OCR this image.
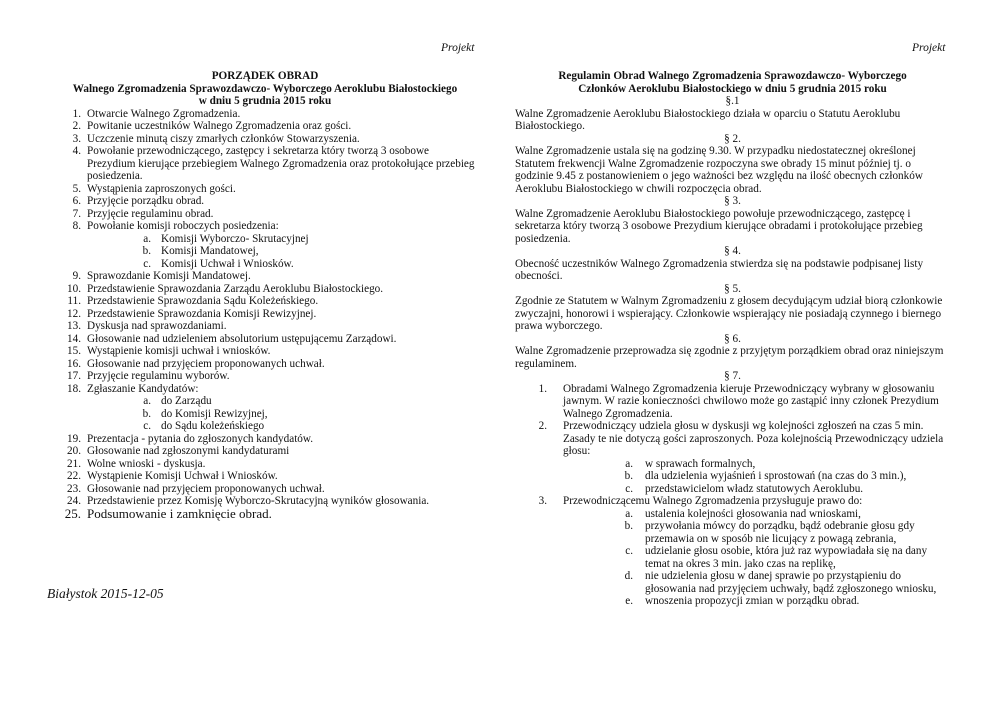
Projekt	Projekt
PORZĄDEK OBRAD
Walnego Zgromadzenia Sprawozdawczo- Wyborczego Aeroklubu Białostockiego
w dniu 5 grudnia 2015 roku
1. Otwarcie Walnego Zgromadzenia.
2. Powitanie uczestników Walnego Zgromadzenia oraz gości.
3. Uczczenie minutą ciszy zmarłych członków Stowarzyszenia.
4. Powołanie przewodniczącego, zastępcy i sekretarza który tworzą 3 osobowe Prezydium kierujące przebiegiem Walnego Zgromadzenia oraz protokołujące przebieg posiedzenia.
5. Wystąpienia zaproszonych gości.
6. Przyjęcie porządku obrad.
7. Przyjęcie regulaminu obrad.
8. Powołanie komisji roboczych posiedzenia:
a. Komisji Wyborczo- Skrutacyjnej
b. Komisji Mandatowej,
c. Komisji Uchwał i Wniosków.
9. Sprawozdanie Komisji Mandatowej.
10. Przedstawienie Sprawozdania Zarządu Aeroklubu Białostockiego.
11. Przedstawienie Sprawozdania Sądu Koleżeńskiego.
12. Przedstawienie Sprawozdania Komisji Rewizyjnej.
13. Dyskusja nad sprawozdaniami.
14. Głosowanie nad udzieleniem absolutorium ustępującemu Zarządowi.
15. Wystąpienie komisji uchwał i wniosków.
16. Głosowanie nad przyjęciem proponowanych uchwał.
17. Przyjęcie regulaminu wyborów.
18. Zgłaszanie Kandydatów:
a. do Zarządu
b. do Komisji Rewizyjnej,
c. do Sądu koleżeńskiego
19. Prezentacja - pytania do zgłoszonych kandydatów.
20. Głosowanie nad zgłoszonymi kandydaturami
21. Wolne wnioski - dyskusja.
22. Wystąpienie Komisji Uchwał i Wniosków.
23. Głosowanie nad przyjęciem proponowanych uchwał.
24. Przedstawienie przez Komisję Wyborczo-Skrutacyjną wyników głosowania.
25. Podsumowanie i zamknięcie obrad.
Białystok 2015-12-05
Regulamin Obrad Walnego Zgromadzenia Sprawozdawczo- Wyborczego
Członków Aeroklubu Białostockiego w dniu 5 grudnia 2015 roku
§.1

Walne Zgromadzenie Aeroklubu Białostockiego działa w oparciu o Statutu Aeroklubu Białostockiego.

§ 2.

Walne Zgromadzenie ustala się na godzinę 9.30. W przypadku niedostatecznej określonej Statutem frekwencji Walne Zgromadzenie rozpoczyna swe obrady 15 minut później tj. o godzinie 9.45 z postanowieniem o jego ważności bez względu na ilość obecnych członków Aeroklubu Białostockiego w chwili rozpoczęcia obrad.

§ 3.

Walne Zgromadzenie Aeroklubu Białostockiego powołuje przewodniczącego, zastępcę i sekretarza który tworzą 3 osobowe Prezydium kierujące obradami i protokołujące przebieg posiedzenia.

§ 4.

Obecność uczestników Walnego Zgromadzenia stwierdza się na podstawie podpisanej listy obecności.

§ 5.

Zgodnie ze Statutem w Walnym Zgromadzeniu z głosem decydującym udział biorą członkowie zwyczajni, honorowi i wspierający. Członkowie wspierający nie posiadają czynnego i biernego prawa wyborczego.

§ 6.

Walne Zgromadzenie przeprowadza się zgodnie z przyjętym porządkiem obrad oraz niniejszym regulaminem.

§ 7.
1. Obradami Walnego Zgromadzenia kieruje Przewodniczący wybrany w głosowaniu jawnym. W razie konieczności chwilowo może go zastąpić inny członek Prezydium Walnego Zgromadzenia.
2. Przewodniczący udziela głosu w dyskusji wg kolejności zgłoszeń na czas 5 min. Zasady te nie dotyczą gości zaproszonych. Poza kolejnością Przewodniczący udziela głosu:
a. w sprawach formalnych,
b. dla udzielenia wyjaśnień i sprostowań (na czas do 3 min.),
c. przedstawicielom władz statutowych Aeroklubu.
3. Przewodniczącemu Walnego Zgromadzenia przysługuje prawo do:
a. ustalenia kolejności głosowania nad wnioskami,
b. przywołania mówcy do porządku, bądź odebranie głosu gdy przemawia on w sposób nie licujący z powagą zebrania,
c. udzielanie głosu osobie, która już raz wypowiadała się na dany temat na okres 3 min. jako czas na replikę,
d. nie udzielenia głosu w danej sprawie po przystąpieniu do głosowania nad przyjęciem uchwały, bądź zgłoszonego wniosku,
e. wnoszenia propozycji zmian w porządku obrad.
